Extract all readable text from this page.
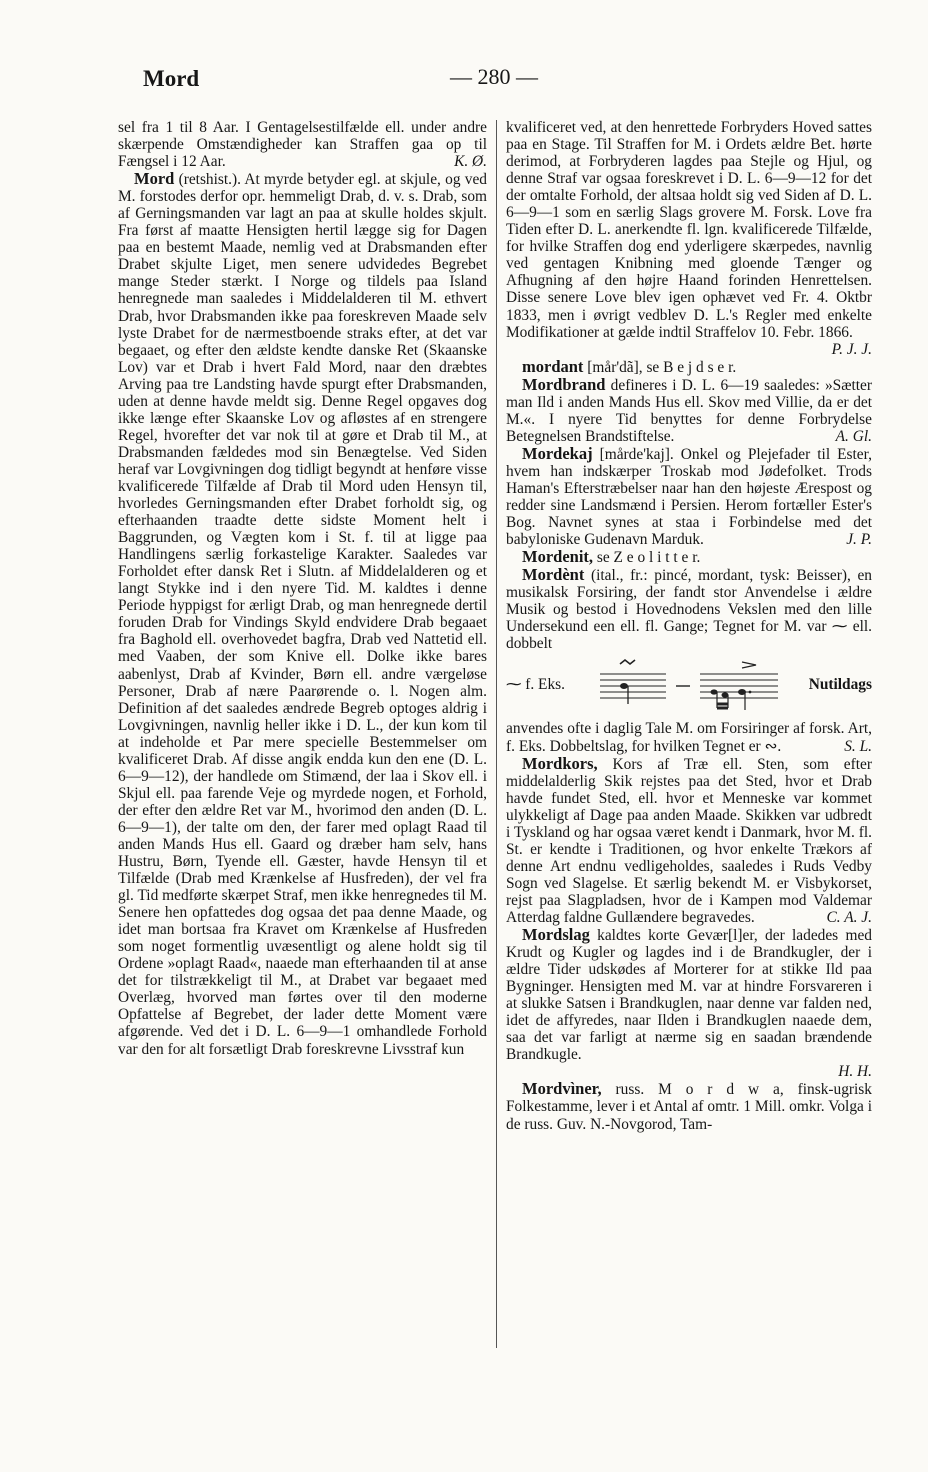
Mord	— 280 —

sel fra 1 til 8 Aar. I Gentagelsestilfælde ell. under andre skærpende Omstændigheder kan Straffen gaa op til Fængsel i 12 Aar.	K. Ø.

Mord (retshist.). At myrde betyder egl. at skjule, og ved M. forstodes derfor opr. hemmeligt Drab, d. v. s. Drab, som af Gerningsmanden var lagt an paa at skulle holdes skjult. Fra først af maatte Hensigten hertil lægge sig for Dagen paa en bestemt Maade, nemlig ved at Drabsmanden efter Drabet skjulte Liget, men senere udvidedes Begrebet mange Steder stærkt. I Norge og tildels paa Island henregnede man saaledes i Middelalderen til M. ethvert Drab, hvor Drabsmanden ikke paa foreskreven Maade selv lyste Drabet for de nærmestboende straks efter, at det var begaaet, og efter den ældste kendte danske Ret (Skaanske Lov) var et Drab i hvert Fald Mord, naar den dræbtes Arving paa tre Landsting havde spurgt efter Drabsmanden, uden at denne havde meldt sig. Denne Regel opgaves dog ikke længe efter Skaanske Lov og afløstes af en strengere Regel, hvorefter det var nok til at gøre et Drab til M., at Drabsmanden fældedes mod sin Benægtelse. Ved Siden heraf var Lovgivningen dog tidligt begyndt at henføre visse kvalificerede Tilfælde af Drab til Mord uden Hensyn til, hvorledes Gerningsmanden efter Drabet forholdt sig, og efterhaanden traadte dette sidste Moment helt i Baggrunden, og Vægten kom i St. f. til at ligge paa Handlingens særlig forkastelige Karakter. Saaledes var Forholdet efter dansk Ret i Slutn. af Middelalderen og et langt Stykke ind i den nyere Tid. M. kaldtes i denne Periode hyppigst for ærligt Drab, og man henregnede dertil foruden Drab for Vindings Skyld endvidere Drab begaaet fra Baghold ell. overhovedet bagfra, Drab ved Nattetid ell. med Vaaben, der som Knive ell. Dolke ikke bares aabenlyst, Drab af Kvinder, Børn ell. andre værgeløse Personer, Drab af nære Paarørende o. l. Nogen alm. Definition af det saaledes ændrede Begreb optoges aldrig i Lovgivningen, navnlig heller ikke i D. L., der kun kom til at indeholde et Par mere specielle Bestemmelser om kvalificeret Drab. Af disse angik endda kun den ene (D. L. 6—9—12), der handlede om Stimænd, der laa i Skov ell. i Skjul ell. paa farende Veje og myrdede nogen, et Forhold, der efter den ældre Ret var M., hvorimod den anden (D. L. 6—9—1), der talte om den, der farer med oplagt Raad til anden Mands Hus ell. Gaard og dræber ham selv, hans Hustru, Børn, Tyende ell. Gæster, havde Hensyn til et Tilfælde (Drab med Krænkelse af Husfreden), der vel fra gl. Tid medførte skærpet Straf, men ikke henregnedes til M. Senere hen opfattedes dog ogsaa det paa denne Maade, og idet man bortsaa fra Kravet om Krænkelse af Husfreden som noget formentlig uvæsentligt og alene holdt sig til Ordene »oplagt Raad«, naaede man efterhaanden til at anse det for tilstrækkeligt til M., at Drabet var begaaet med Overlæg, hvorved man førtes over til den moderne Opfattelse af Begrebet, der lader dette Moment være afgørende. Ved det i D. L. 6—9—1 omhandlede Forhold var den for alt forsætligt Drab foreskrevne Livsstraf kun

kvalificeret ved, at den henrettede Forbryders Hoved sattes paa en Stage. Til Straffen for M. i Ordets ældre Bet. hørte derimod, at Forbryderen lagdes paa Stejle og Hjul, og denne Straf var ogsaa foreskrevet i D. L. 6—9—12 for det der omtalte Forhold, der altsaa holdt sig ved Siden af D. L. 6—9—1 som en særlig Slags grovere M. Forsk. Love fra Tiden efter D. L. anerkendte fl. lgn. kvalificerede Tilfælde, for hvilke Straffen dog end yderligere skærpedes, navnlig ved gentagen Knibning med gloende Tænger og Afhugning af den højre Haand forinden Henrettelsen. Disse senere Love blev igen ophævet ved Fr. 4. Oktbr 1833, men i øvrigt vedblev D. L.'s Regler med enkelte Modifikationer at gælde indtil Straffelov 10. Febr. 1866.
P. J. J.

mordant [mår'dã], se B e j d s e r.

Mordbrand defineres i D. L. 6—19 saaledes: »Sætter man Ild i anden Mands Hus ell. Skov med Villie, da er det M.«. I nyere Tid benyttes for denne Forbrydelse Betegnelsen Brandstiftelse.	A. Gl.

Mordekaj [mårde'kaj]. Onkel og Plejefader til Ester, hvem han indskærper Troskab mod Jødefolket. Trods Haman's Efterstræbelser naar han den højeste Ærespost og redder sine Landsmænd i Persien. Herom fortæller Ester's Bog. Navnet synes at staa i Forbindelse med det babyloniske Gudenavn Marduk.	J. P.

Mordenit, se Z e o l i t t e r.

Mordènt (ital., fr.: pincé, mordant, tysk: Beisser), en musikalsk Forsiring, der fandt stor Anvendelse i ældre Musik og bestod i Hovednodens Vekslen med den lille Undersekund een ell. fl. Gange; Tegnet for M. var ⁓ ell. dobbelt

⁓ f. Eks.	Nutildags

anvendes ofte i daglig Tale M. om Forsiringer af forsk. Art, f. Eks. Dobbeltslag, for hvilken Tegnet er ∾.	S. L.

Mordkors, Kors af Træ ell. Sten, som efter middelalderlig Skik rejstes paa det Sted, hvor et Drab havde fundet Sted, ell. hvor et Menneske var kommet ulykkeligt af Dage paa anden Maade. Skikken var udbredt i Tyskland og har ogsaa været kendt i Danmark, hvor M. fl. St. er kendte i Traditionen, og hvor enkelte Trækors af denne Art endnu vedligeholdes, saaledes i Ruds Vedby Sogn ved Slagelse. Et særlig bekendt M. er Visbykorset, rejst paa Slagpladsen, hvor de i Kampen mod Valdemar Atterdag faldne Gullændere begravedes.	C. A. J.

Mordslag kaldtes korte Gevær[l]er, der ladedes med Krudt og Kugler og lagdes ind i de Brandkugler, der i ældre Tider udskødes af Morterer for at stikke Ild paa Bygninger. Hensigten med M. var at hindre Forsvareren i at slukke Satsen i Brandkuglen, naar denne var falden ned, idet de affyredes, naar Ilden i Brandkuglen naaede dem, saa det var farligt at nærme sig en saadan brændende Brandkugle.
H. H.

Mordvìner, russ. M o r d w a, finsk-ugrisk Folkestamme, lever i et Antal af omtr. 1 Mill. omkr. Volga i de russ. Guv. N.-Novgorod, Tam-
